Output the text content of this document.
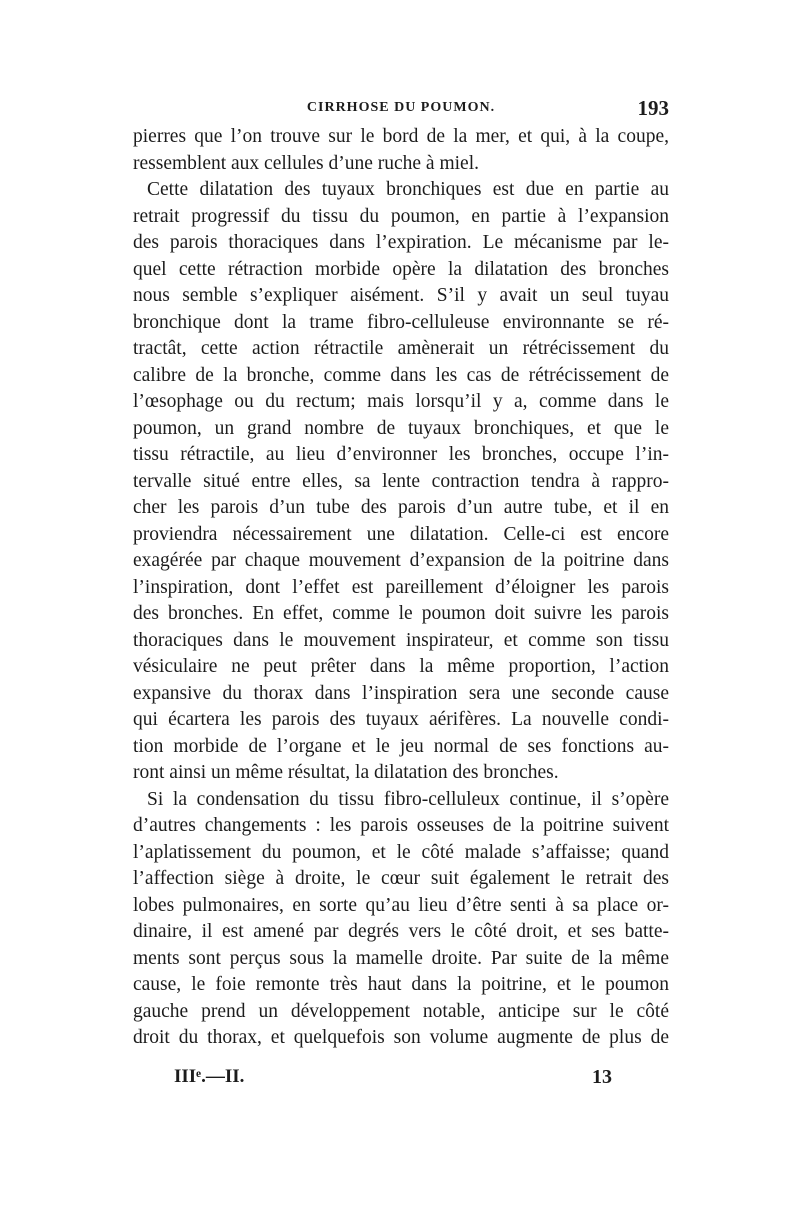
CIRRHOSE DU POUMON.	193
pierres que l’on trouve sur le bord de la mer, et qui, à la coupe,
ressemblent aux cellules d’une ruche à miel.
Cette dilatation des tuyaux bronchiques est due en partie au
retrait progressif du tissu du poumon, en partie à l’expansion
des parois thoraciques dans l’expiration. Le mécanisme par le-
quel cette rétraction morbide opère la dilatation des bronches
nous semble s’expliquer aisément. S’il y avait un seul tuyau
bronchique dont la trame fibro-celluleuse environnante se ré-
tractât, cette action rétractile amènerait un rétrécissement du
calibre de la bronche, comme dans les cas de rétrécissement de
l’œsophage ou du rectum; mais lorsqu’il y a, comme dans le
poumon, un grand nombre de tuyaux bronchiques, et que le
tissu rétractile, au lieu d’environner les bronches, occupe l’in-
tervalle situé entre elles, sa lente contraction tendra à rappro-
cher les parois d’un tube des parois d’un autre tube, et il en
proviendra nécessairement une dilatation. Celle-ci est encore
exagérée par chaque mouvement d’expansion de la poitrine dans
l’inspiration, dont l’effet est pareillement d’éloigner les parois
des bronches. En effet, comme le poumon doit suivre les parois
thoraciques dans le mouvement inspirateur, et comme son tissu
vésiculaire ne peut prêter dans la même proportion, l’action
expansive du thorax dans l’inspiration sera une seconde cause
qui écartera les parois des tuyaux aérifères. La nouvelle condi-
tion morbide de l’organe et le jeu normal de ses fonctions au-
ront ainsi un même résultat, la dilatation des bronches.
Si la condensation du tissu fibro-celluleux continue, il s’opère
d’autres changements : les parois osseuses de la poitrine suivent
l’aplatissement du poumon, et le côté malade s’affaisse; quand
l’affection siège à droite, le cœur suit également le retrait des
lobes pulmonaires, en sorte qu’au lieu d’être senti à sa place or-
dinaire, il est amené par degrés vers le côté droit, et ses batte-
ments sont perçus sous la mamelle droite. Par suite de la même
cause, le foie remonte très haut dans la poitrine, et le poumon
gauche prend un développement notable, anticipe sur le côté
droit du thorax, et quelquefois son volume augmente de plus de
IIIᵉ.—II.	13
